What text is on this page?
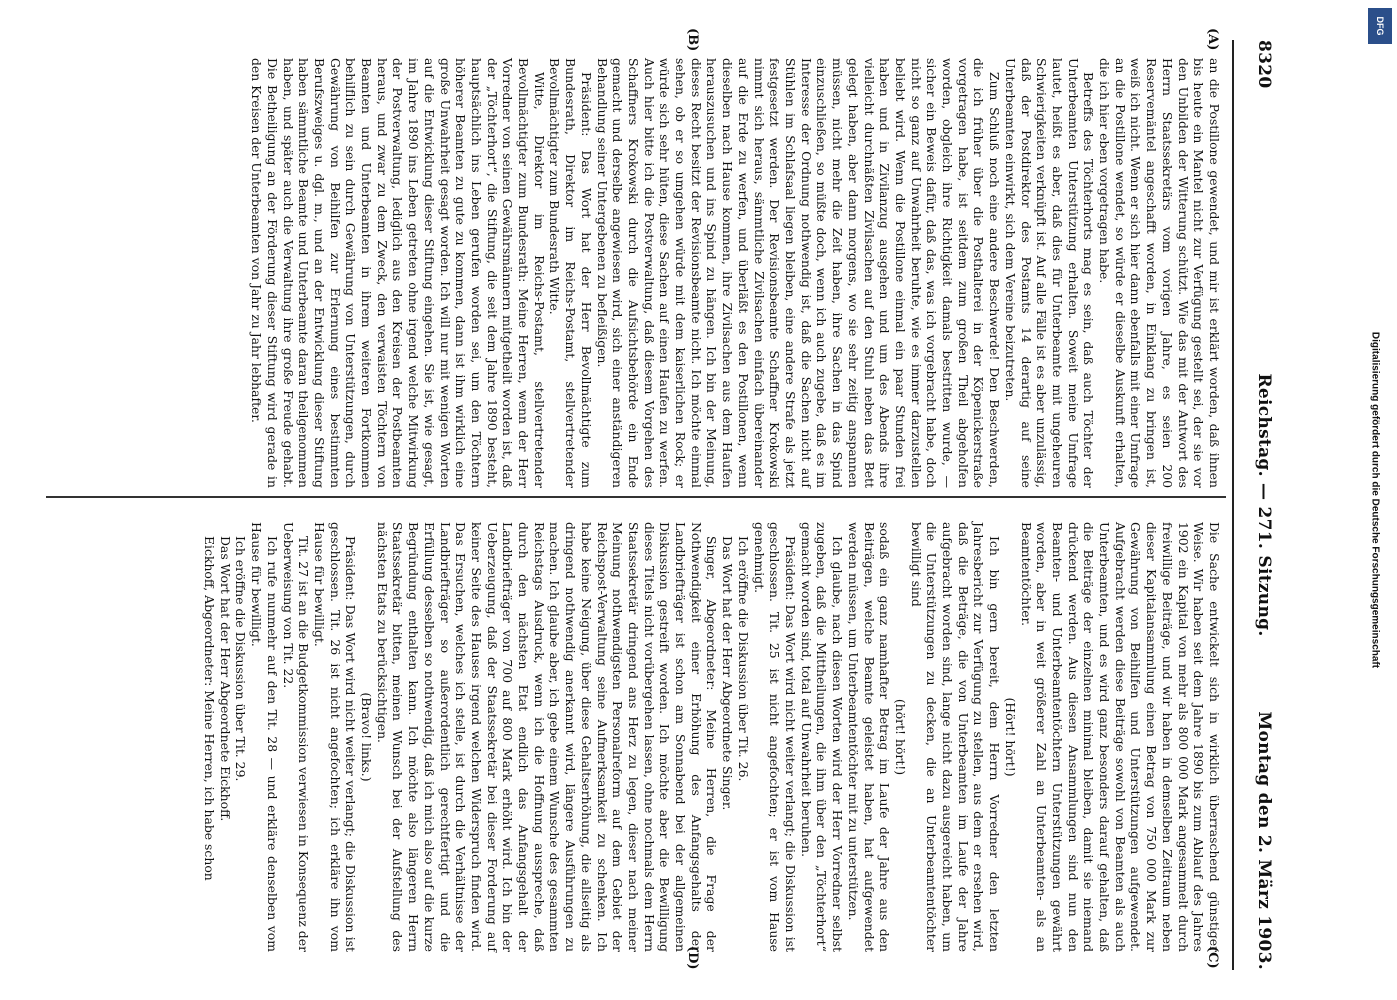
8320
Reichstag. — 271. Sitzung.
Montag den 2. März 1903.
(A)
(B)
(C)
(D)

an die Postillone gewendet, und mir ist erklärt worden, daß ihnen bis heute ein Mantel nicht zur Verfügung gestellt sei, der sie vor den Unbilden der Witterung schützt. Wie das mit der Antwort des Herrn Staatssekretärs vom vorigen Jahre, es seien 200 Reservemäntel angeschafft worden, in Einklang zu bringen ist, weiß ich nicht. Wenn er sich hier dann ebenfalls mit einer Umfrage an die Postillone wendet, so würde er dieselbe Auskunft erhalten, die ich hier eben vorgetragen habe.

Betreffs des Töchterhorts mag es sein, daß auch Töchter der Unterbeamten Unterstützung erhalten. Soweit meine Umfrage lautet, heißt es aber, daß dies für Unterbeamte mit ungeheuren Schwierigkeiten verknüpft ist. Auf alle Fälle ist es aber unzulässig, daß der Postdirektor des Postamts 14 derartig auf seine Unterbeamten einwirkt, sich dem Vereine beizutreten.

Zum Schluß noch eine andere Beschwerde! Den Beschwerden, die ich früher über die Posthalterei in der Köpenickerstraße vorgetragen habe, ist seitdem zum großen Theil abgeholfen worden, obgleich ihre Richtigkeit damals bestritten wurde, — sicher ein Beweis dafür, daß das, was ich vorgebracht habe, doch nicht so ganz auf Unwahrheit beruhte, wie es immer darzustellen beliebt wird. Wenn die Postillone einmal ein paar Stunden frei haben und in Zivilanzug ausgehen und um des Abends ihre vielleicht durchnäßten Zivilsachen auf den Stuhl neben das Bett gelegt haben, aber dann morgens, wo sie sehr zeitig anspannen müssen, nicht mehr die Zeit haben, ihre Sachen in das Spind einzuschließen, so müßte doch, wenn ich auch zugebe, daß es im Interesse der Ordnung nothwendig ist, daß die Sachen nicht auf Stühlen im Schlafsaal liegen bleiben, eine andere Strafe als jetzt festgesetzt werden. Der Revisionsbeamte Schaffner Krokowski nimmt sich heraus, sämmtliche Zivilsachen einfach übereinander auf die Erde zu werfen, und überläßt es den Postillonen, wenn dieselben nach Hause kommen, ihre Zivilsachen aus dem Haufen herauszusuchen und ins Spind zu hängen. Ich bin der Meinung, dieses Recht besitzt der Revisionsbeamte nicht. Ich möchte einmal sehen, ob er so umgehen würde mit dem kaiserlichen Rock; er würde sich sehr hüten, diese Sachen auf einen Haufen zu werfen. Auch hier bitte ich die Postverwaltung, daß diesem Vorgehen des Schaffners Krokowski durch die Aufsichtsbehörde ein Ende gemacht und derselbe angewiesen wird, sich einer anständigeren Behandlung seiner Untergebenen zu befleißigen.

Präsident: Das Wort hat der Herr Bevollmächtigte zum Bundesrath, Direktor im Reichs-Postamt, stellvertretender Bevollmächtigter zum Bundesrath Witte.

Witte, Direktor im Reichs-Postamt, stellvertretender Bevollmächtigter zum Bundesrath: Meine Herren, wenn der Herr Vorredner von seinen Gewährsmännern mitgetheilt worden ist, daß der „Töchterhort“, die Stiftung, die seit dem Jahre 1890 besteht, hauptsächlich ins Leben gerufen worden sei, um den Töchtern höherer Beamten zu gute zu kommen, dann ist ihm wirklich eine große Unwahrheit gesagt worden. Ich will nur mit wenigen Worten auf die Entwicklung dieser Stiftung eingehen. Sie ist, wie gesagt, im Jahre 1890 ins Leben getreten ohne irgend welche Mitwirkung der Postverwaltung, lediglich aus den Kreisen der Postbeamten heraus, und zwar zu dem Zweck, den verwaisten Töchtern von Beamten und Unterbeamten in ihrem weiteren Fortkommen behilflich zu sein durch Gewährung von Unterstützungen, durch Gewährung von Beihilfen zur Erlernung eines bestimmten Berufszweiges u. dgl. m., und an der Entwicklung dieser Stiftung haben sämmtliche Beamte und Unterbeamte daran theilgenommen haben, und später auch die Verwaltung ihre große Freude gehabt. Die Betheiligung an der Förderung dieser Stiftung wird gerade in den Kreisen der Unterbeamten von Jahr zu Jahr lebhafter.

Die Sache entwickelt sich in wirklich überraschend günstiger Weise. Wir haben seit dem Jahre 1890 bis zum Ablauf des Jahres 1902 ein Kapital von mehr als 800 000 Mark angesammelt durch freiwillige Beiträge, und wir haben in demselben Zeitraum neben dieser Kapitalansammlung einen Betrag von 750 000 Mark zur Gewährung von Beihilfen und Unterstützungen aufgewendet. Aufgebracht werden diese Beiträge sowohl von Beamten als auch Unterbeamten, und es wird ganz besonders darauf gehalten, daß die Beiträge der einzelnen minimal bleiben, damit sie niemand drückend werden. Aus diesen Ansammlungen sind nun den Beamten- und Unterbeamtentöchtern Unterstützungen gewährt worden, aber in weit größerer Zahl an Unterbeamten- als an Beamtentöchter.

(Hört! hört!)

Ich bin gern bereit, dem Herrn Vorredner den letzten Jahresbericht zur Verfügung zu stellen, aus dem er ersehen wird, daß die Beträge, die von Unterbeamten im Laufe der Jahre aufgebracht worden sind, lange nicht dazu ausgereicht haben, um die Unterstützungen zu decken, die an Unterbeamtentöchter bewilligt sind

(hört! hört!)

sodaß ein ganz namhafter Betrag im Laufe der Jahre aus den Beiträgen, welche Beamte geleistet haben, hat aufgewendet werden müssen, um Unterbeamtentöchter mit zu unterstützen.

Ich glaube, nach diesen Worten wird der Herr Vorredner selbst zugeben, daß die Mittheilungen, die ihm über den „Töchterhort“ gemacht worden sind, total auf Unwahrheit beruhen.

Präsident: Das Wort wird nicht weiter verlangt; die Diskussion ist geschlossen. Tit. 25 ist nicht angefochten; er ist vom Hause genehmigt.

Ich eröffne die Diskussion über Tit. 26.

Das Wort hat der Herr Abgeordnete Singer.

Singer, Abgeordneter: Meine Herren, die Frage der Nothwendigkeit einer Erhöhung des Anfangsgehalts der Landbriefträger ist schon am Sonnabend bei der allgemeinen Diskussion gestreift worden. Ich möchte aber die Bewilligung dieses Titels nicht vorübergehen lassen, ohne nochmals dem Herrn Staatssekretär dringend ans Herz zu legen, dieser nach meiner Meinung nothwendigsten Personalreform auf dem Gebiet der Reichspost-Verwaltung seine Aufmerksamkeit zu schenken. Ich habe keine Neigung, über diese Gehaltserhöhung, die allseitig als dringend nothwendig anerkannt wird, längere Ausführungen zu machen. Ich glaube aber, ich gebe einem Wunsche des gesammten Reichstags Ausdruck, wenn ich die Hoffnung ausspreche, daß durch den nächsten Etat endlich das Anfangsgehalt der Landbriefträger von 700 auf 800 Mark erhöht wird. Ich bin der Ueberzeugung, daß der Staatssekretär bei dieser Forderung auf keiner Seite des Hauses irgend welchen Widerspruch finden wird. Das Ersuchen, welches ich stelle, ist durch die Verhältnisse der Landbriefträger so außerordentlich gerechtfertigt und die Erfüllung desselben so nothwendig, daß ich mich also auf die kurze Begründung enthalten kann. Ich möchte also längeren Herrn Staatssekretär bitten, meinen Wunsch bei der Aufstellung des nächsten Etats zu berücksichtigen.

(Bravo! links.)

Präsident: Das Wort wird nicht weiter verlangt; die Diskussion ist geschlossen. Tit. 26 ist nicht angefochten; ich erkläre ihn vom Hause für bewilligt.

Tit. 27 ist an die Budgetkommission verwiesen in Konsequenz der Ueberweisung von Tit. 22.

Ich rufe nunmehr auf den Tit. 28 — und erkläre denselben vom Hause für bewilligt.

Ich eröffne die Diskussion über Tit. 29.

Das Wort hat der Herr Abgeordnete Eickhoff.

Eickhoff, Abgeordneter: Meine Herren, ich habe schon

DFG
Digitalisierung gefördert durch die Deutsche Forschungsgemeinschaft
